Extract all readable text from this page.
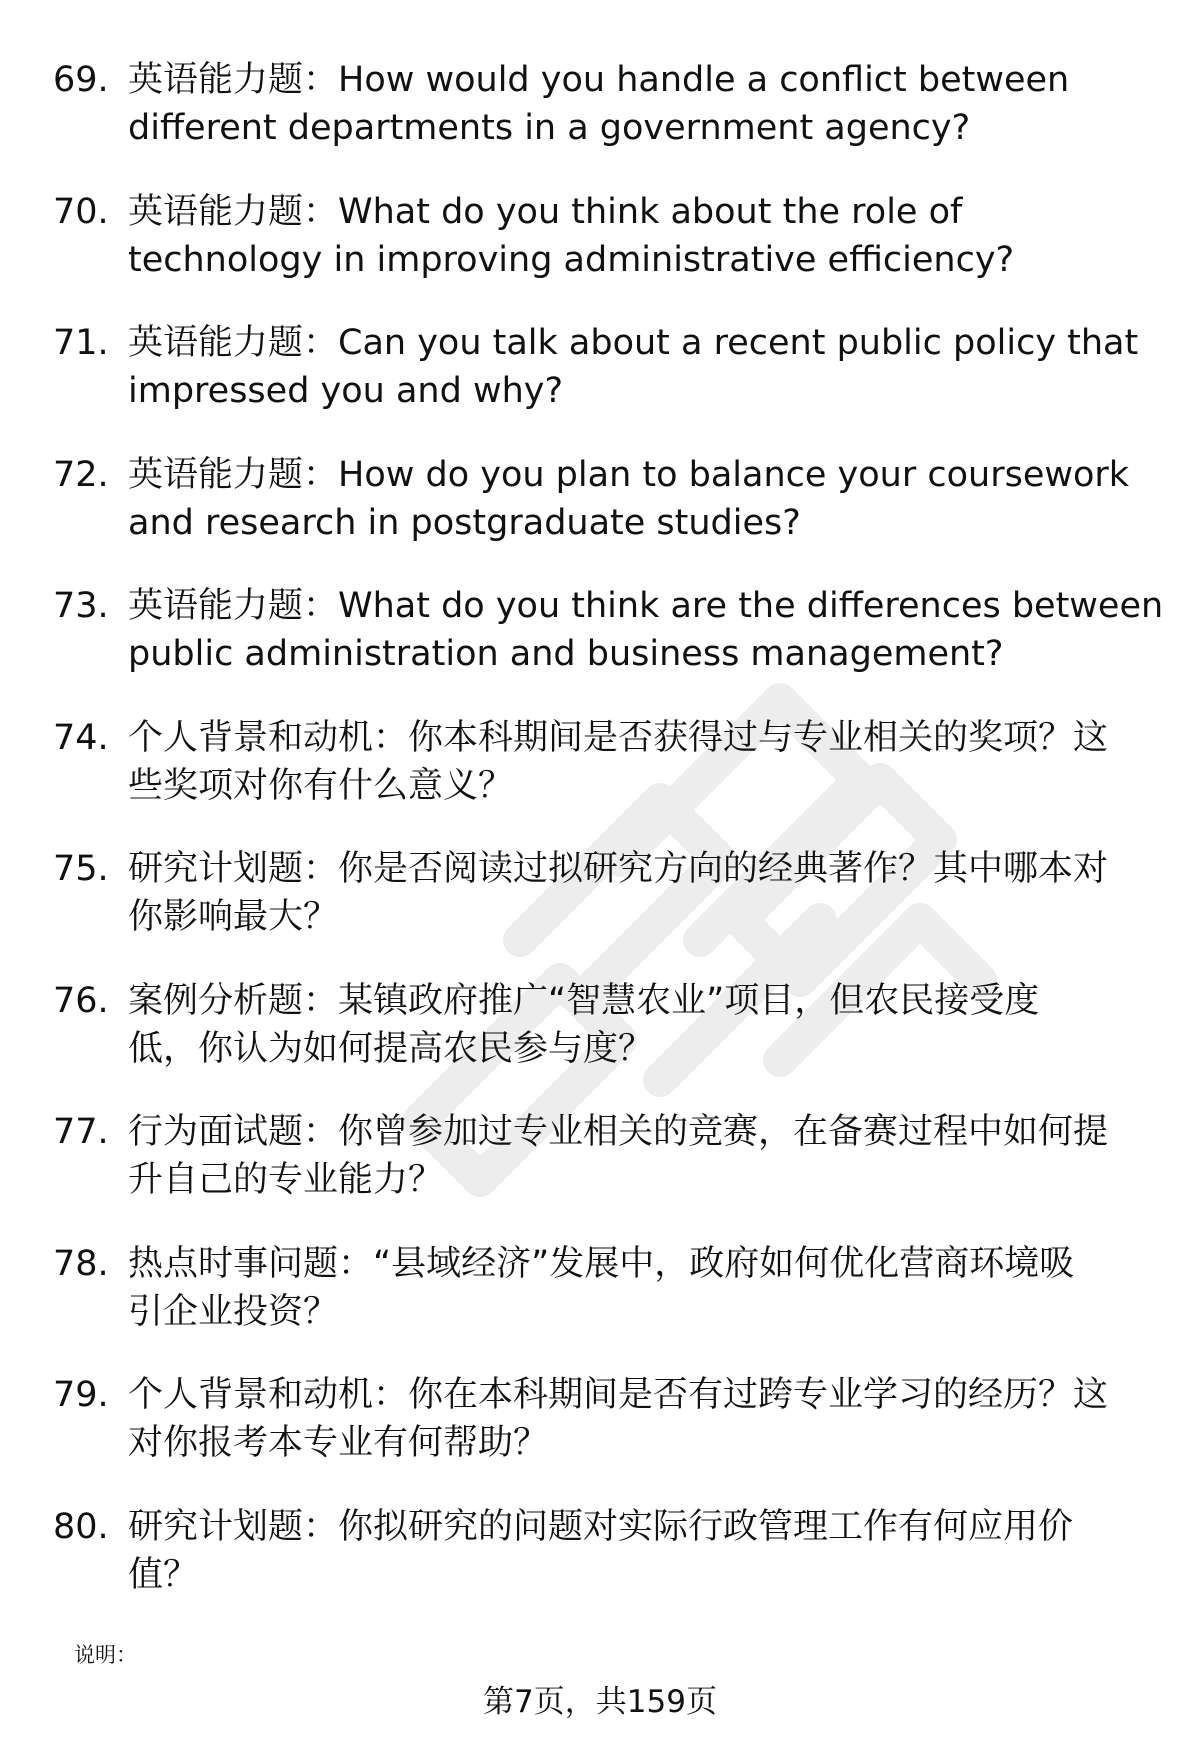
69. 英语能力题：How would you handle a conflict between
different departments in a government agency?
70. 英语能力题：What do you think about the role of
technology in improving administrative efficiency?
71. 英语能力题：Can you talk about a recent public policy that
impressed you and why?
72. 英语能力题：How do you plan to balance your coursework
and research in postgraduate studies?
73. 英语能力题：What do you think are the differences between
public administration and business management?
74. 个人背景和动机：你本科期间是否获得过与专业相关的奖项？这
些奖项对你有什么意义？
75. 研究计划题：你是否阅读过拟研究方向的经典著作？其中哪本对
你影响最大？
76. 案例分析题：某镇政府推广“智慧农业”项目，但农民接受度
低，你认为如何提高农民参与度？
77. 行为面试题：你曾参加过专业相关的竞赛，在备赛过程中如何提
升自己的专业能力？
78. 热点时事问题：“县域经济”发展中，政府如何优化营商环境吸
引企业投资？
79. 个人背景和动机：你在本科期间是否有过跨专业学习的经历？这
对你报考本专业有何帮助？
80. 研究计划题：你拟研究的问题对实际行政管理工作有何应用价
值？
说明：
第7页，共159页
